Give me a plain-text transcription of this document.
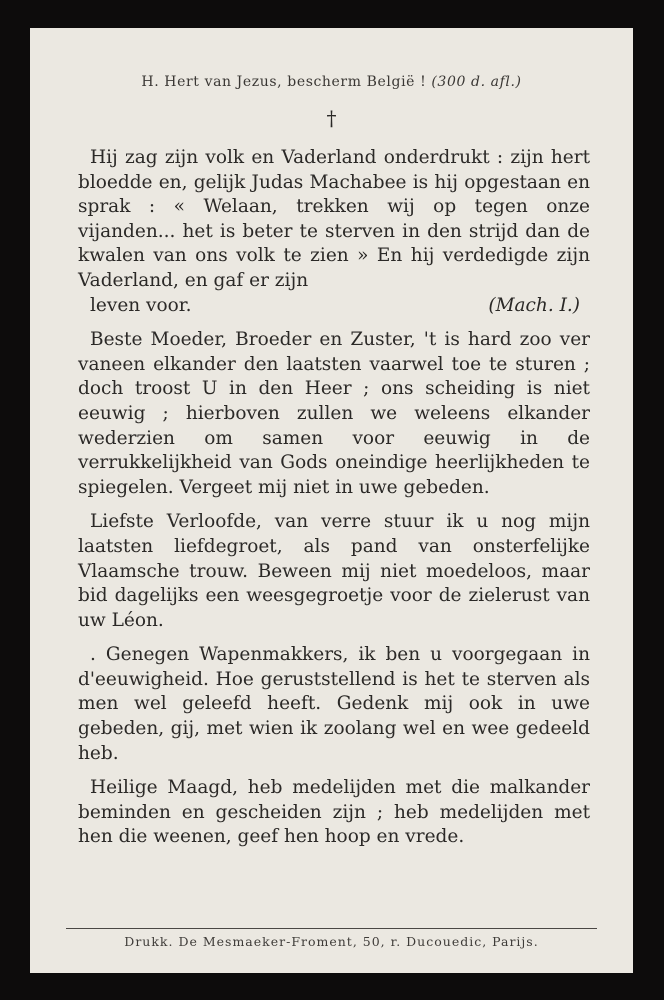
H. Hert van Jezus, bescherm België ! (300 d. afl.)
†

Hij zag zijn volk en Vaderland onderdrukt : zijn hert bloedde en, gelijk Judas Machabee is hij opgestaan en sprak : « Welaan, trekken wij op tegen onze vijanden... het is beter te sterven in den strijd dan de kwalen van ons volk te zien » En hij verdedigde zijn Vaderland, en gaf er zijn
leven voor.	(Mach. I.)

Beste Moeder, Broeder en Zuster, 't is hard zoo ver vaneen elkander den laatsten vaarwel toe te sturen ; doch troost U in den Heer ; ons scheiding is niet eeuwig ; hierboven zullen we weleens elkander wederzien om samen voor eeuwig in de verrukkelijkheid van Gods oneindige heerlijkheden te spiegelen. Vergeet mij niet in uwe gebeden.

Liefste Verloofde, van verre stuur ik u nog mijn laatsten liefdegroet, als pand van onsterfelijke Vlaamsche trouw. Beween mij niet moedeloos, maar bid dagelijks een weesgegroetje voor de zielerust van uw Léon.

. Genegen Wapenmakkers, ik ben u voorgegaan in d'eeuwigheid. Hoe geruststellend is het te sterven als men wel geleefd heeft. Gedenk mij ook in uwe gebeden, gij, met wien ik zoolang wel en wee gedeeld heb.

Heilige Maagd, heb medelijden met die malkander beminden en gescheiden zijn ; heb medelijden met hen die weenen, geef hen hoop en vrede.

Drukk. De Mesmaeker-Froment, 50, r. Ducouedic, Parijs.
